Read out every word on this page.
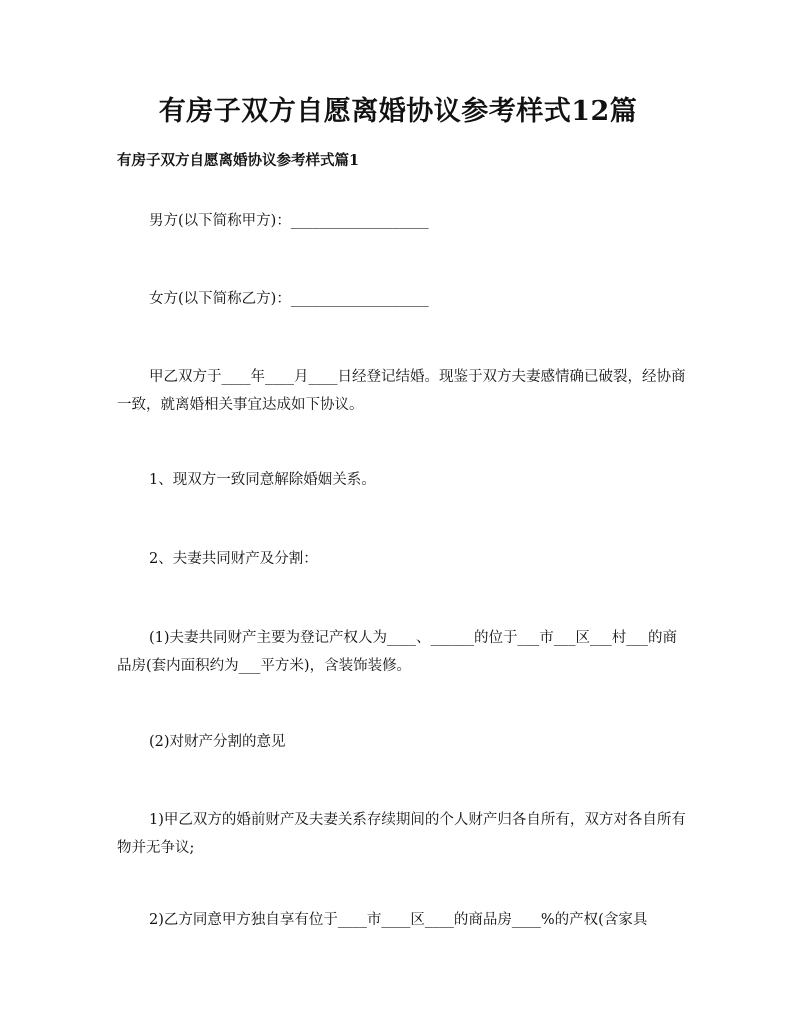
有房子双方自愿离婚协议参考样式12篇
有房子双方自愿离婚协议参考样式篇1
男方(以下简称甲方)：___________________
女方(以下简称乙方)：___________________
甲乙双方于____年____月____日经登记结婚。现鉴于双方夫妻感情确已破裂，经协商一致，就离婚相关事宜达成如下协议。
1、现双方一致同意解除婚姻关系。
2、夫妻共同财产及分割：
(1)夫妻共同财产主要为登记产权人为____、______的位于___市___区___村___的商品房(套内面积约为___平方米)，含装饰装修。
(2)对财产分割的意见
1)甲乙双方的婚前财产及夫妻关系存续期间的个人财产归各自所有，双方对各自所有物并无争议;
2)乙方同意甲方独自享有位于____市____区____的商品房____%的产权(含家具
